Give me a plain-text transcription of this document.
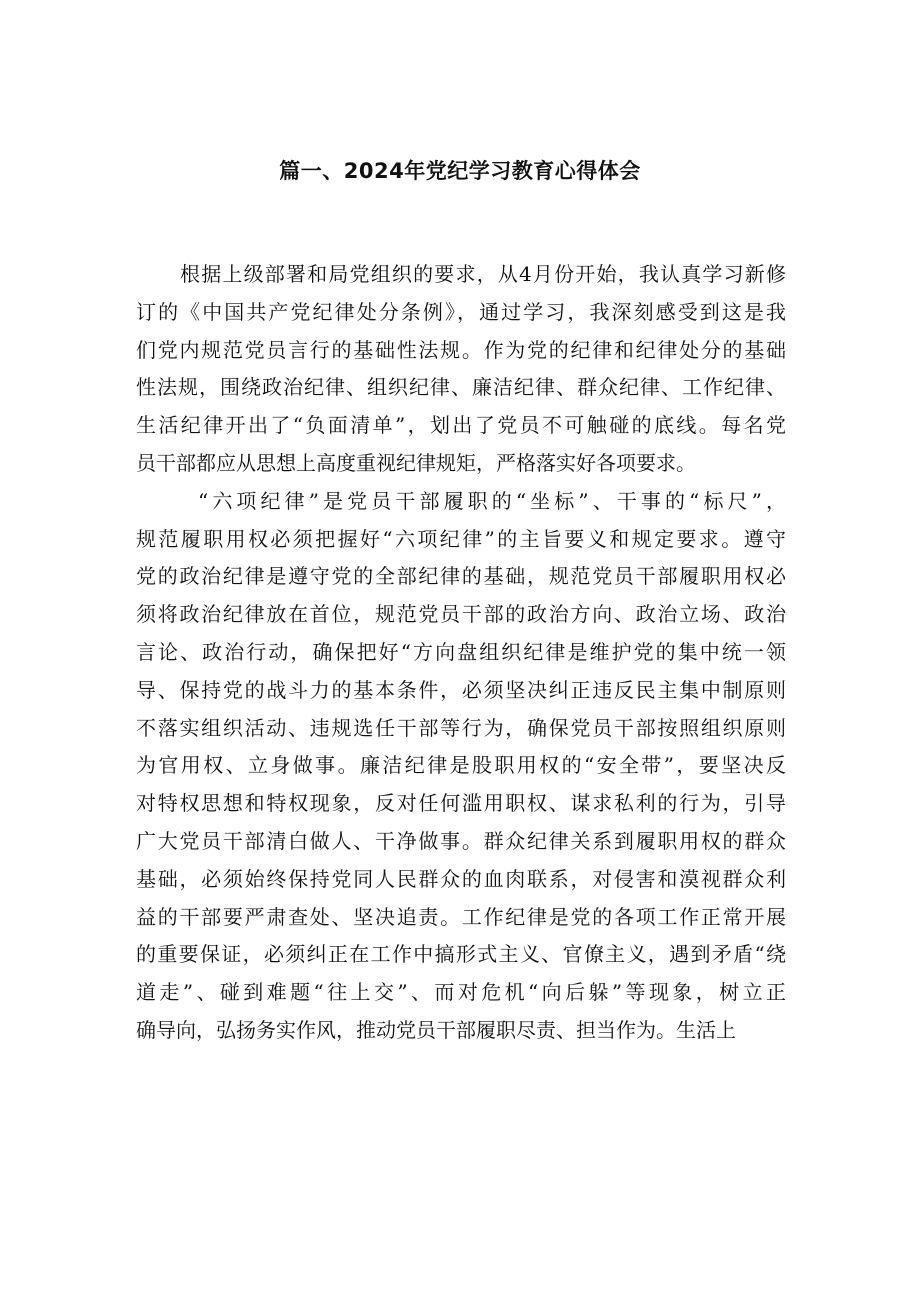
篇一、2024年党纪学习教育心得体会
根据上级部署和局党组织的要求，从4月份开始，我认真学习新修
订的《中国共产党纪律处分条例》，通过学习，我深刻感受到这是我
们党内规范党员言行的基础性法规。作为党的纪律和纪律处分的基础
性法规，围绕政治纪律、组织纪律、廉洁纪律、群众纪律、工作纪律、
生活纪律开出了“负面清单”，划出了党员不可触碰的底线。每名党
员干部都应从思想上高度重视纪律规矩，严格落实好各项要求。
“六项纪律”是党员干部履职的“坐标”、干事的“标尺”，
规范履职用权必须把握好“六项纪律”的主旨要义和规定要求。遵守
党的政治纪律是遵守党的全部纪律的基础，规范党员干部履职用权必
须将政治纪律放在首位，规范党员干部的政治方向、政治立场、政治
言论、政治行动，确保把好“方向盘组织纪律是维护党的集中统一领
导、保持党的战斗力的基本条件，必须坚决纠正违反民主集中制原则
不落实组织活动、违规选任干部等行为，确保党员干部按照组织原则
为官用权、立身做事。廉洁纪律是股职用权的“安全带”，要坚决反
对特权思想和特权现象，反对任何滥用职权、谋求私利的行为，引导
广大党员干部清白做人、干净做事。群众纪律关系到履职用权的群众
基础，必须始终保持党同人民群众的血肉联系，对侵害和漠视群众利
益的干部要严肃查处、坚决追责。工作纪律是党的各项工作正常开展
的重要保证，必须纠正在工作中搞形式主义、官僚主义，遇到矛盾“绕
道走”、碰到难题“往上交”、而对危机“向后躲”等现象，树立正
确导向，弘扬务实作风，推动党员干部履职尽责、担当作为。生活上
